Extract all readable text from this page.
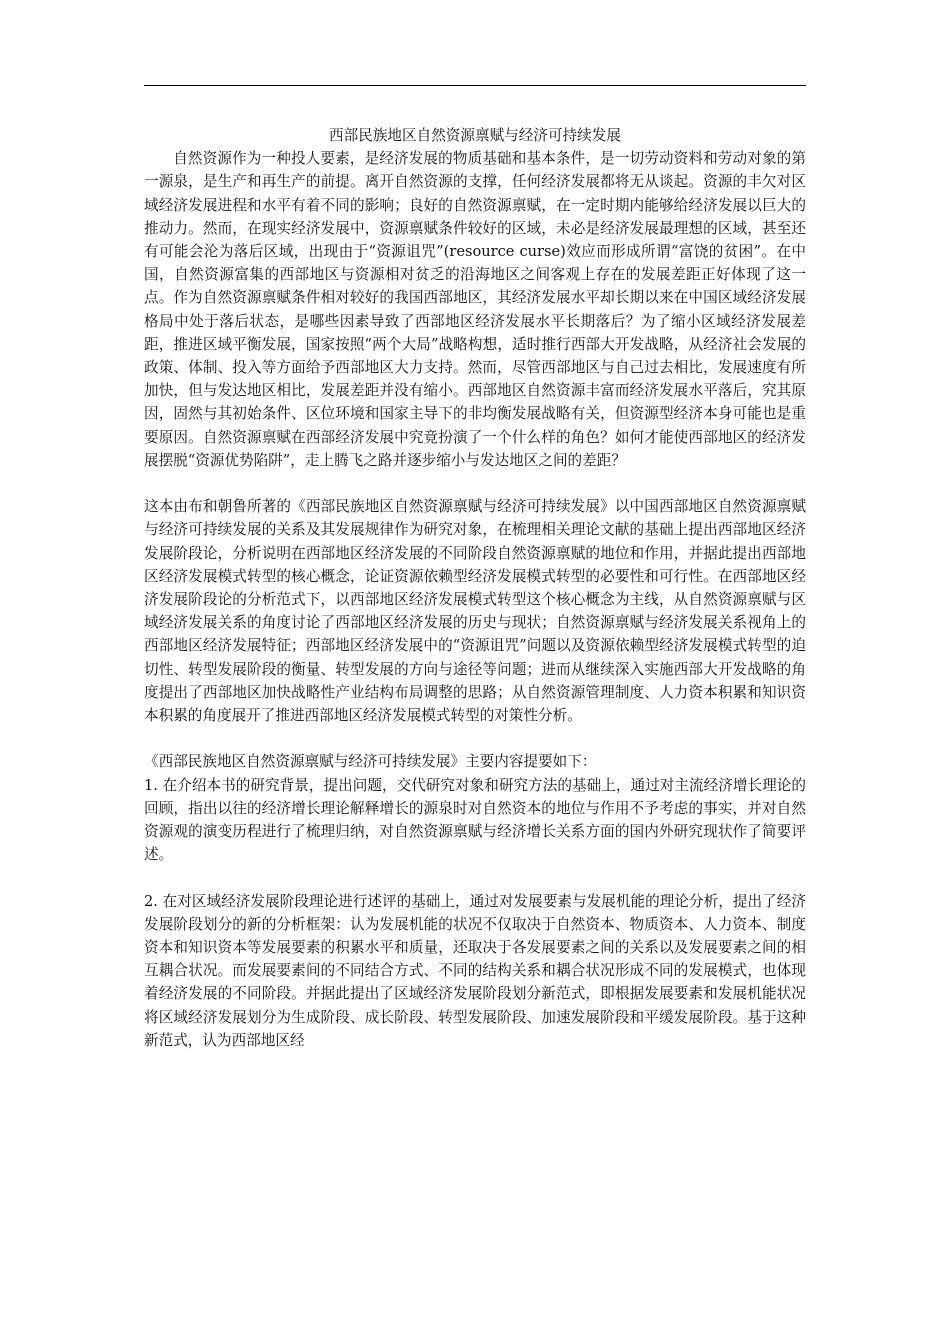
西部民族地区自然资源禀赋与经济可持续发展

自然资源作为一种投人要素，是经济发展的物质基础和基本条件，是一切劳动资料和劳动对象的第一源泉，是生产和再生产的前提。离开自然资源的支撑，任何经济发展都将无从谈起。资源的丰欠对区域经济发展进程和水平有着不同的影响；良好的自然资源禀赋，在一定时期内能够给经济发展以巨大的推动力。然而，在现实经济发展中，资源禀赋条件较好的区域，未必是经济发展最理想的区域，甚至还有可能会沦为落后区域，出现由于“资源诅咒”(resource curse)效应而形成所谓“富饶的贫困”。在中国，自然资源富集的西部地区与资源相对贫乏的沿海地区之间客观上存在的发展差距正好体现了这一点。作为自然资源禀赋条件相对较好的我国西部地区，其经济发展水平却长期以来在中国区域经济发展格局中处于落后状态，是哪些因素导致了西部地区经济发展水平长期落后？为了缩小区域经济发展差距，推进区域平衡发展，国家按照“两个大局”战略构想，适时推行西部大开发战略，从经济社会发展的政策、体制、投入等方面给予西部地区大力支持。然而，尽管西部地区与自己过去相比，发展速度有所加快，但与发达地区相比，发展差距并没有缩小。西部地区自然资源丰富而经济发展水平落后，究其原因，固然与其初始条件、区位环境和国家主导下的非均衡发展战略有关，但资源型经济本身可能也是重要原因。自然资源禀赋在西部经济发展中究竟扮演了一个什么样的角色？如何才能使西部地区的经济发展摆脱“资源优势陷阱”，走上腾飞之路并逐步缩小与发达地区之间的差距？

这本由布和朝鲁所著的《西部民族地区自然资源禀赋与经济可持续发展》以中国西部地区自然资源禀赋与经济可持续发展的关系及其发展规律作为研究对象，在梳理相关理论文献的基础上提出西部地区经济发展阶段论，分析说明在西部地区经济发展的不同阶段自然资源禀赋的地位和作用，并据此提出西部地区经济发展模式转型的核心概念，论证资源依赖型经济发展模式转型的必要性和可行性。在西部地区经济发展阶段论的分析范式下，以西部地区经济发展模式转型这个核心概念为主线，从自然资源禀赋与区域经济发展关系的角度讨论了西部地区经济发展的历史与现状；自然资源禀赋与经济发展关系视角上的西部地区经济发展特征；西部地区经济发展中的“资源诅咒”问题以及资源依赖型经济发展模式转型的迫切性、转型发展阶段的衡量、转型发展的方向与途径等问题；进而从继续深入实施西部大开发战略的角度提出了西部地区加快战略性产业结构布局调整的思路；从自然资源管理制度、人力资本积累和知识资本积累的角度展开了推进西部地区经济发展模式转型的对策性分析。

《西部民族地区自然资源禀赋与经济可持续发展》主要内容提要如下：

1. 在介绍本书的研究背景，提出问题，交代研究对象和研究方法的基础上，通过对主流经济增长理论的回顾，指出以往的经济增长理论解释增长的源泉时对自然资本的地位与作用不予考虑的事实，并对自然资源观的演变历程进行了梳理归纳，对自然资源禀赋与经济增长关系方面的国内外研究现状作了简要评述。

2. 在对区域经济发展阶段理论进行述评的基础上，通过对发展要素与发展机能的理论分析，提出了经济发展阶段划分的新的分析框架：认为发展机能的状况不仅取决于自然资本、物质资本、人力资本、制度资本和知识资本等发展要素的积累水平和质量，还取决于各发展要素之间的关系以及发展要素之间的相互耦合状况。而发展要素间的不同结合方式、不同的结构关系和耦合状况形成不同的发展模式，也体现着经济发展的不同阶段。并据此提出了区域经济发展阶段划分新范式，即根据发展要素和发展机能状况将区域经济发展划分为生成阶段、成长阶段、转型发展阶段、加速发展阶段和平缓发展阶段。基于这种新范式，认为西部地区经
